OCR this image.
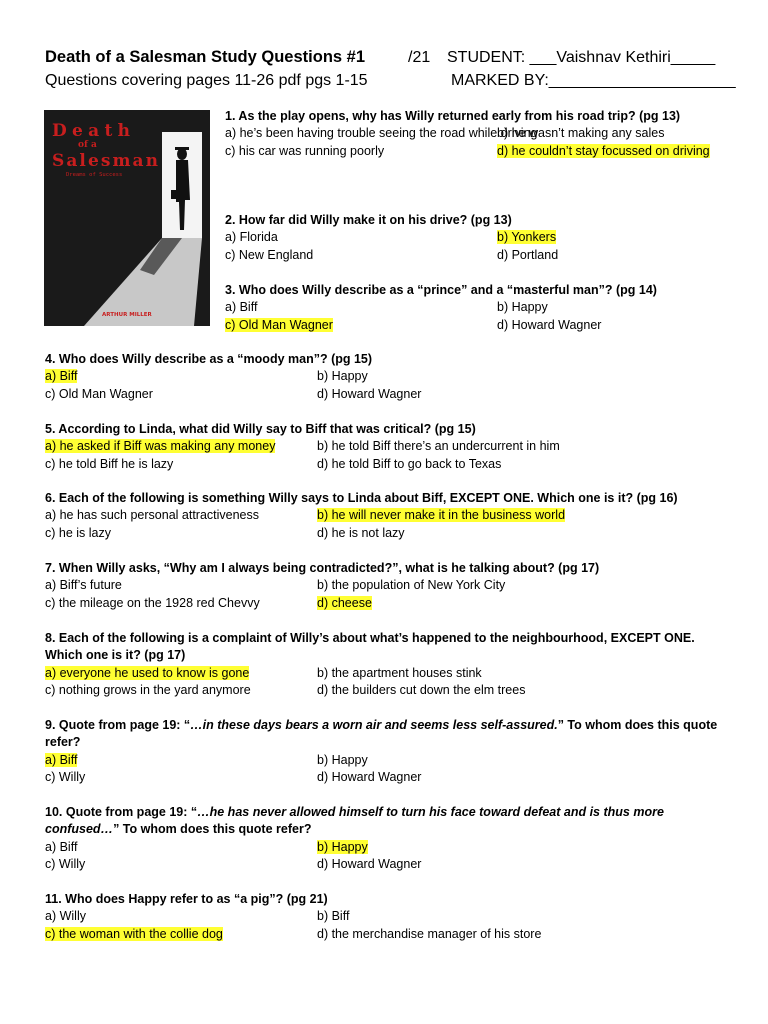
Death of a Salesman Study Questions #1
Questions covering pages 11-26 pdf pgs 1-15
/21 STUDENT: ___Vaishnav Kethiri_____
MARKED BY:_____________________
Death
of a
Salesman
Dreams of Success
ARTHUR MILLER
1. As the play opens, why has Willy returned early from his road trip? (pg 13)
a) he’s been having trouble seeing the road while driving
b) he wasn’t making any sales
c) his car was running poorly	d) he couldn’t stay focussed on driving
2. How far did Willy make it on his drive? (pg 13)
a) Florida	b) Yonkers
c) New England	d) Portland
3. Who does Willy describe as a “prince” and a “masterful man”? (pg 14)
a) Biff	b) Happy
c) Old Man Wagner	d) Howard Wagner
4. Who does Willy describe as a “moody man”? (pg 15)
a) Biff	b) Happy
c) Old Man Wagner	d) Howard Wagner
5. According to Linda, what did Willy say to Biff that was critical? (pg 15)
a) he asked if Biff was making any money	b) he told Biff there’s an undercurrent in him
c) he told Biff he is lazy	d) he told Biff to go back to Texas
6. Each of the following is something Willy says to Linda about Biff, EXCEPT ONE. Which one is it? (pg 16)
a) he has such personal attractiveness	b) he will never make it in the business world
c) he is lazy	d) he is not lazy
7. When Willy asks, “Why am I always being contradicted?”, what is he talking about? (pg 17)
a) Biff’s future	b) the population of New York City
c) the mileage on the 1928 red Chevvy	d) cheese
8. Each of the following is a complaint of Willy’s about what’s happened to the neighbourhood, EXCEPT ONE. Which one is it? (pg 17)
a) everyone he used to know is gone	b) the apartment houses stink
c) nothing grows in the yard anymore	d) the builders cut down the elm trees
9. Quote from page 19: “…in these days bears a worn air and seems less self-assured.” To whom does this quote refer?
a) Biff	b) Happy
c) Willy	d) Howard Wagner
10. Quote from page 19: “…he has never allowed himself to turn his face toward defeat and is thus more confused…” To whom does this quote refer?
a) Biff	b) Happy
c) Willy	d) Howard Wagner
11. Who does Happy refer to as “a pig”? (pg 21)
a) Willy	b) Biff
c) the woman with the collie dog	d) the merchandise manager of his store
